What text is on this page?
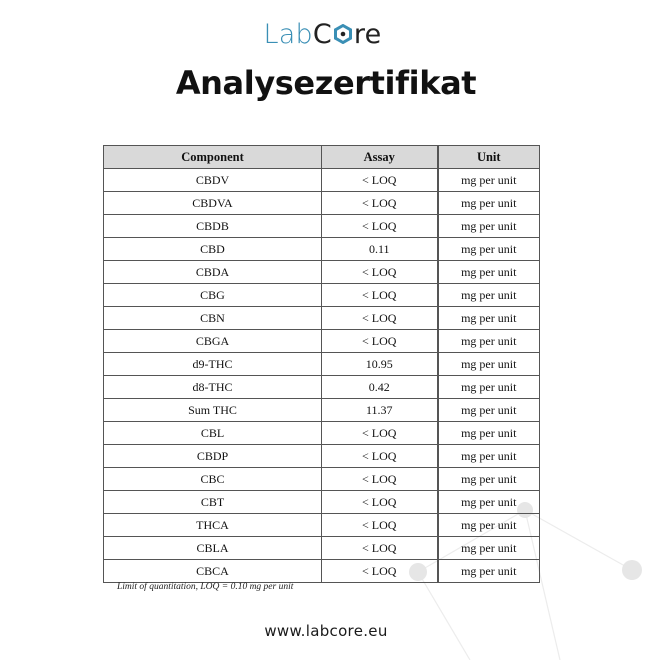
LabC re
Analysezertifikat
Component	Assay	Unit
CBDV	< LOQ	mg per unit
CBDVA	< LOQ	mg per unit
CBDB	< LOQ	mg per unit
CBD	0.11	mg per unit
CBDA	< LOQ	mg per unit
CBG	< LOQ	mg per unit
CBN	< LOQ	mg per unit
CBGA	< LOQ	mg per unit
d9-THC	10.95	mg per unit
d8-THC	0.42	mg per unit
Sum THC	11.37	mg per unit
CBL	< LOQ	mg per unit
CBDP	< LOQ	mg per unit
CBC	< LOQ	mg per unit
CBT	< LOQ	mg per unit
THCA	< LOQ	mg per unit
CBLA	< LOQ	mg per unit
CBCA	< LOQ	mg per unit
Limit of quantitation, LOQ = 0.10 mg per unit
www.labcore.eu
